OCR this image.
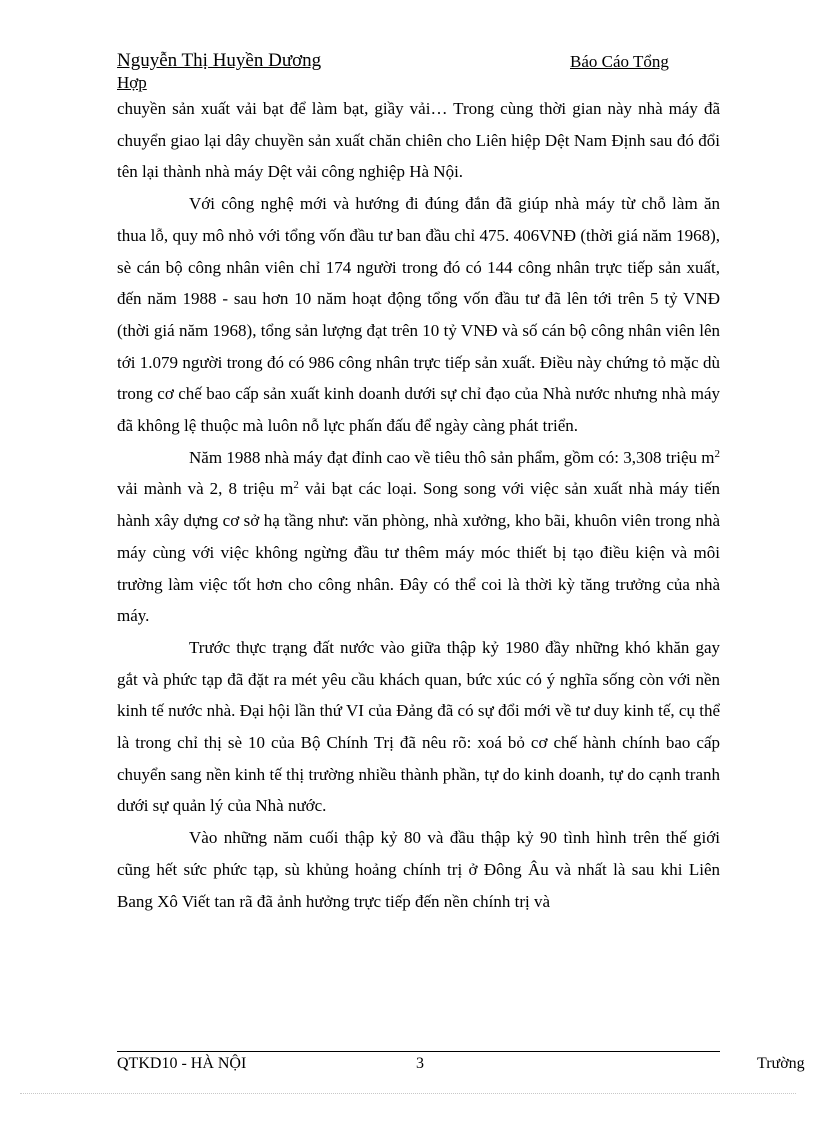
Nguyễn Thị Huyền Dương	Báo Cáo Tổng
Hợp

chuyền sản xuất vải bạt để làm bạt, giầy vải… Trong cùng thời gian này nhà máy đã chuyển giao lại dây chuyền sản xuất chăn chiên cho Liên hiệp Dệt Nam Định sau đó đổi tên lại thành nhà máy Dệt vải công nghiệp Hà Nội.

Với công nghệ mới và hướng đi đúng đắn đã giúp nhà máy từ chỗ làm ăn thua lỗ, quy mô nhỏ với tổng vốn đầu tư ban đầu chỉ 475. 406VNĐ (thời giá năm 1968), sè cán bộ công nhân viên chỉ 174 người trong đó có 144 công nhân trực tiếp sản xuất, đến năm 1988 - sau hơn 10 năm hoạt động tổng vốn đầu tư đã lên tới trên 5 tỷ VNĐ (thời giá năm 1968), tổng sản lượng đạt trên 10 tỷ VNĐ và số cán bộ công nhân viên lên tới 1.079 người trong đó có 986 công nhân trực tiếp sản xuất. Điều này chứng tỏ mặc dù trong cơ chế bao cấp sản xuất kinh doanh dưới sự chỉ đạo của Nhà nước nhưng nhà máy đã không lệ thuộc mà luôn nỗ lực phấn đấu để ngày càng phát triển.

Năm 1988 nhà máy đạt đỉnh cao về tiêu thô sản phẩm, gồm có: 3,308 triệu $m^2$ vải mành và 2, 8 triệu $m^2$ vải bạt các loại. Song song với việc sản xuất nhà máy tiến hành xây dựng cơ sở hạ tầng như: văn phòng, nhà xưởng, kho bãi, khuôn viên trong nhà máy cùng với việc không ngừng đầu tư thêm máy móc thiết bị tạo điều kiện và môi trường làm việc tốt hơn cho công nhân. Đây có thể coi là thời kỳ tăng trưởng của nhà máy.

Trước thực trạng đất nước vào giữa thập kỷ 1980 đầy những khó khăn gay gắt và phức tạp đã đặt ra mét yêu cầu khách quan, bức xúc có ý nghĩa sống còn với nền kinh tế nước nhà. Đại hội lần thứ VI của Đảng đã có sự đổi mới về tư duy kinh tế, cụ thể là trong chỉ thị sè 10 của Bộ Chính Trị đã nêu rõ: xoá bỏ cơ chế hành chính bao cấp chuyển sang nền kinh tế thị trường nhiều thành phần, tự do kinh doanh, tự do cạnh tranh dưới sự quản lý của Nhà nước.

Vào những năm cuối thập kỷ 80 và đầu thập kỷ 90 tình hình trên thế giới cũng hết sức phức tạp, sù khủng hoảng chính trị ở Đông Âu và nhất là sau khi Liên Bang Xô Viết tan rã đã ảnh hưởng trực tiếp đến nền chính trị và

QTKD10 - HÀ NỘI	3	Trường
